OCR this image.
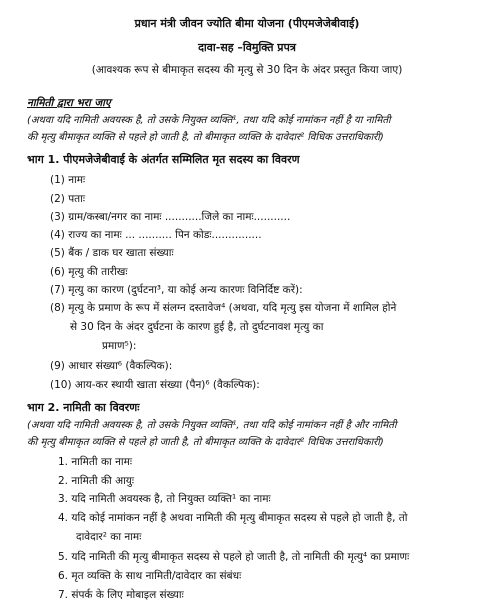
प्रधान मंत्री जीवन ज्योति बीमा योजना (पीएमजेजेबीवाई)
दावा-सह –विमुक्ति प्रपत्र
(आवश्यक रूप से बीमाकृत सदस्य की मृत्यु से 30 दिन के अंदर प्रस्तुत किया जाए)
नामिती द्वारा भरा जाए
(अथवा यदि नामिती अवयस्क है, तो उसके नियुक्त व्यक्ति¹, तथा यदि कोई नामांकन नहीं है या नामिती
की मृत्यु बीमाकृत व्यक्ति से पहले हो जाती है, तो बीमाकृत व्यक्ति के दावेदार² विधिक उत्तराधिकारी)
भाग 1. पीएमजेजेबीवाई के अंतर्गत सम्मिलित मृत सदस्य का विवरण
(1) नामः
(2) पताः
(3) ग्राम/कस्बा/नगर का नामः ...........जिले का नामः...........
(4) राज्य का नामः ... .......... पिन कोडः...............
(5) बैंक / डाक घर खाता संख्याः
(6) मृत्यु की तारीखः
(7) मृत्यु का कारण (दुर्घटना³, या कोई अन्य कारणः विनिर्दिष्ट करें):
(8) मृत्यु के प्रमाण के रूप में संलग्न दस्तावेज⁴ (अथवा, यदि मृत्यु इस योजना में शामिल होने
से 30 दिन के अंदर दुर्घटना के कारण हुई है, तो दुर्घटनावश मृत्यु का
प्रमाण⁵):
(9) आधार संख्या⁶ (वैकल्पिक):
(10) आय-कर स्थायी खाता संख्या (पैन)⁶ (वैकल्पिक):
भाग 2. नामिती का विवरणः
(अथवा यदि नामिती अवयस्क है, तो उसके नियुक्त व्यक्ति¹, तथा यदि कोई नामांकन नहीं है और नामिती
की मृत्यु बीमाकृत व्यक्ति से पहले हो जाती है, तो बीमाकृत व्यक्ति के दावेदार² विधिक उत्तराधिकारी)
1. नामिती का नामः
2. नामिती की आयुः
3. यदि नामिती अवयस्क है, तो नियुक्त व्यक्ति¹ का नामः
4. यदि कोई नामांकन नहीं है अथवा नामिती की मृत्यु बीमाकृत सदस्य से पहले हो जाती है, तो
दावेदार² का नामः
5. यदि नामिती की मृत्यु बीमाकृत सदस्य से पहले हो जाती है, तो नामिती की मृत्यु⁴ का प्रमाणः
6. मृत व्यक्ति के साथ नामिती/दावेदार का संबंधः
7. संपर्क के लिए मोबाइल संख्याः
